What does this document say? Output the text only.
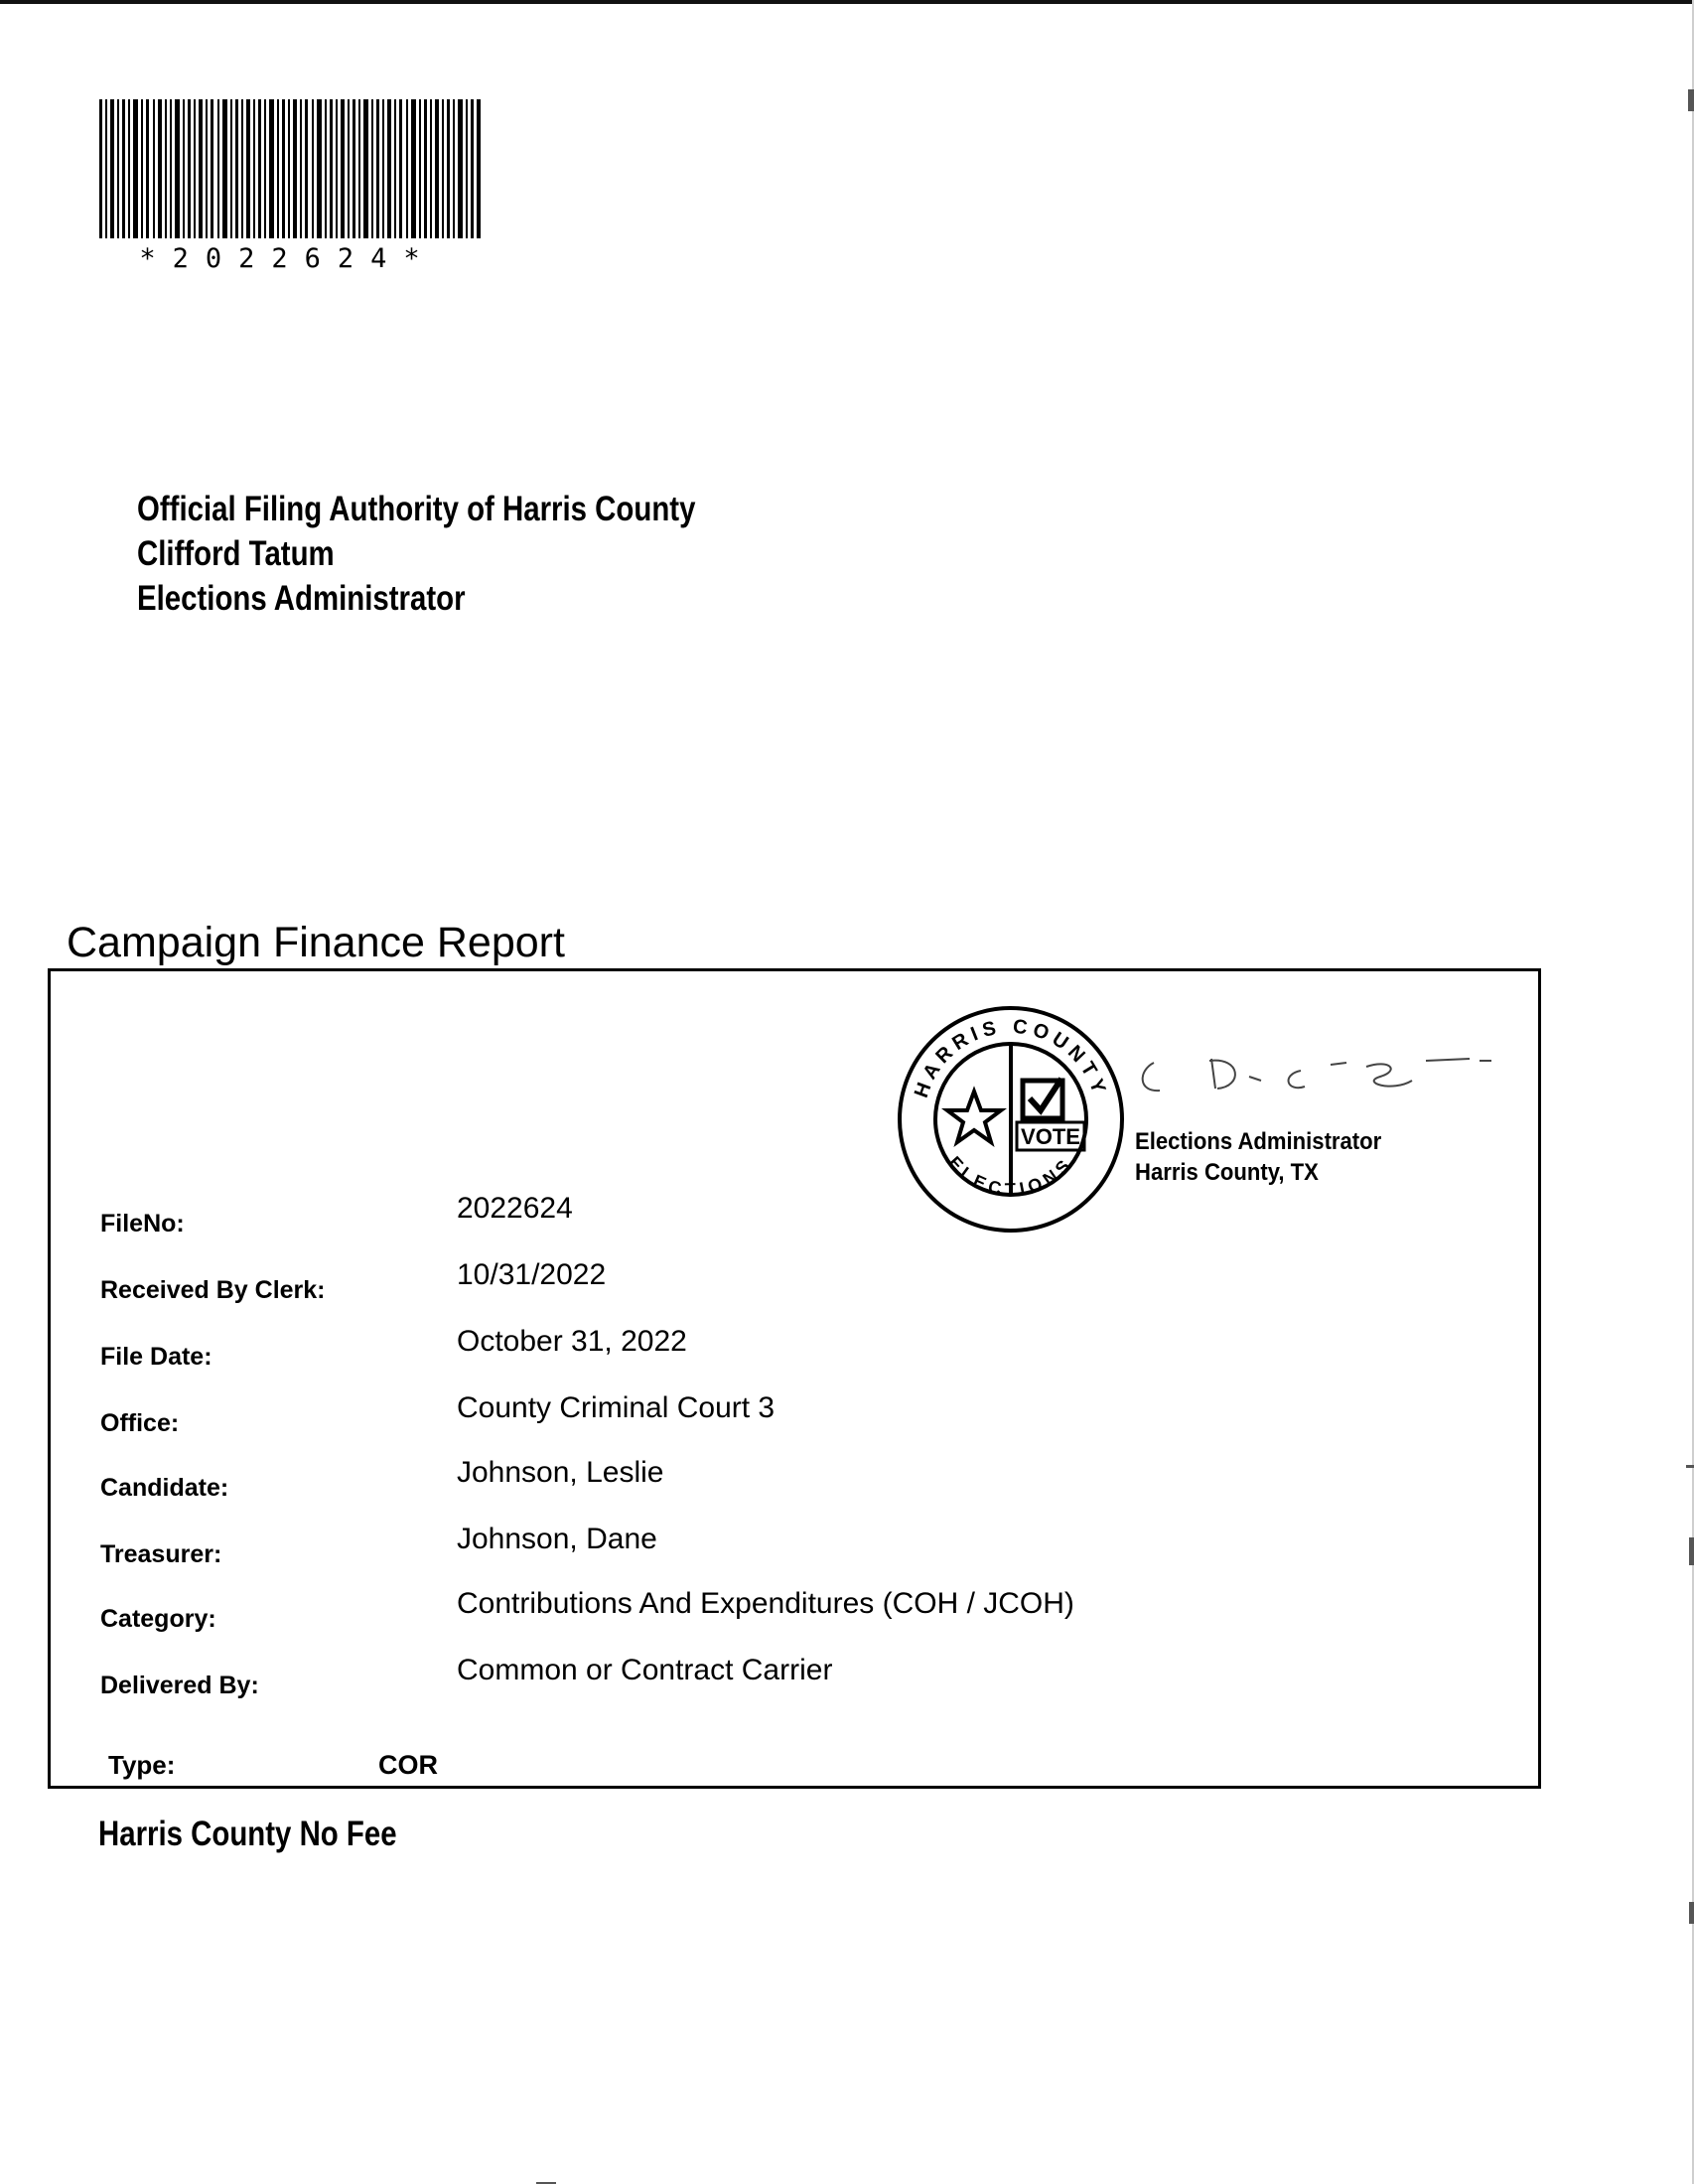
*2022624*
Official Filing Authority of Harris County
Clifford Tatum
Elections Administrator
Campaign Finance Report
HARRIS COUNTY
ELECTIONS
VOTE Elections Administrator
Harris County, TX
FileNo:	2022624
Received By Clerk:	10/31/2022
File Date:	October 31, 2022
Office:	County Criminal Court 3
Candidate:	Johnson, Leslie
Treasurer:	Johnson, Dane
Category:	Contributions And Expenditures (COH / JCOH)
Delivered By:	Common or Contract Carrier
Type:	COR
Harris County No Fee
